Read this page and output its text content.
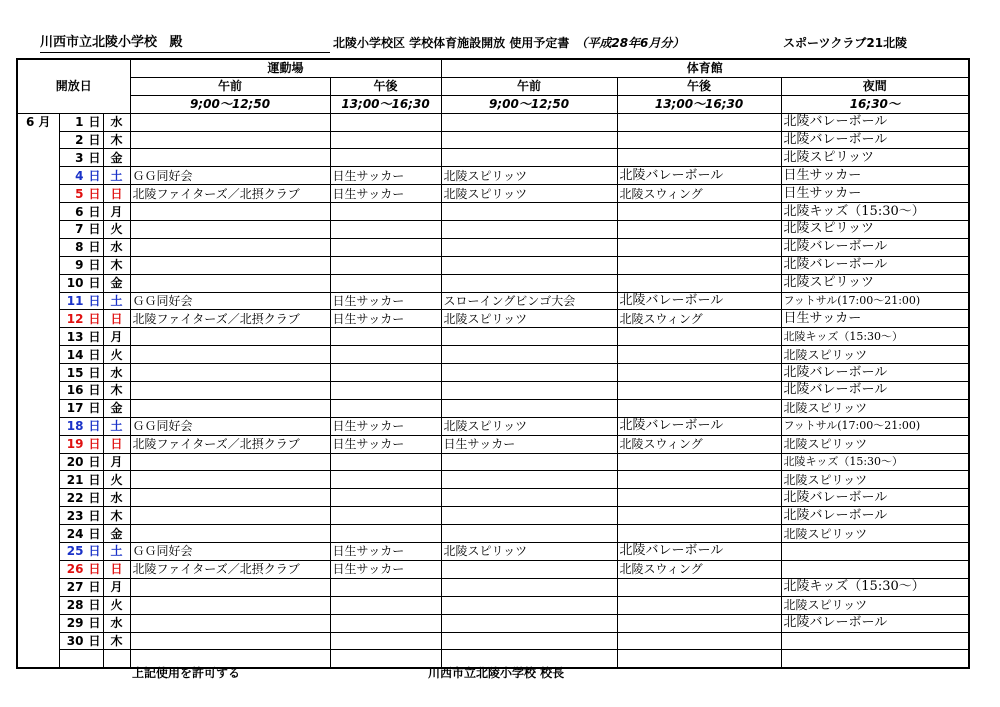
川西市立北陵小学校 殿	北陵小学校区 学校体育施設開放 使用予定書 （平成28年6月分）	スポーツクラブ21北陵
開放日			運動場		体育館		
			午前	午後	午前	午後	夜間
			9;00～12;50	13;00～16;30	9;00～12;50	13;00～16;30	16;30～
6 月	1 日	水					北陵バレーボール
	2 日	木					北陵バレーボール
	3 日	金					北陵スピリッツ
	4 日	土	ＧＧ同好会	日生サッカー	北陵スピリッツ	北陵バレーボール	日生サッカー
	5 日	日	北陵ファイターズ／北摂クラブ	日生サッカー	北陵スピリッツ	北陵スウィング	日生サッカー
	6 日	月					北陵キッズ（15:30～）
	7 日	火					北陵スピリッツ
	8 日	水					北陵バレーボール
	9 日	木					北陵バレーボール
	10 日	金					北陵スピリッツ
	11 日	土	ＧＧ同好会	日生サッカー	スローイングビンゴ大会	北陵バレーボール	フットサル(17:00～21:00)
	12 日	日	北陵ファイターズ／北摂クラブ	日生サッカー	北陵スピリッツ	北陵スウィング	日生サッカー
	13 日	月					北陵キッズ（15:30～）
	14 日	火					北陵スピリッツ
	15 日	水					北陵バレーボール
	16 日	木					北陵バレーボール
	17 日	金					北陵スピリッツ
	18 日	土	ＧＧ同好会	日生サッカー	北陵スピリッツ	北陵バレーボール	フットサル(17:00～21:00)
	19 日	日	北陵ファイターズ／北摂クラブ	日生サッカー	日生サッカー	北陵スウィング	北陵スピリッツ
	20 日	月					北陵キッズ（15:30～）
	21 日	火					北陵スピリッツ
	22 日	水					北陵バレーボール
	23 日	木					北陵バレーボール
	24 日	金					北陵スピリッツ
	25 日	土	ＧＧ同好会	日生サッカー	北陵スピリッツ	北陵バレーボール	
	26 日	日	北陵ファイターズ／北摂クラブ	日生サッカー		北陵スウィング	
	27 日	月					北陵キッズ（15:30～）
	28 日	火					北陵スピリッツ
	29 日	水					北陵バレーボール
	30 日	木					

上記使用を許可する	川西市立北陵小学校 校長
